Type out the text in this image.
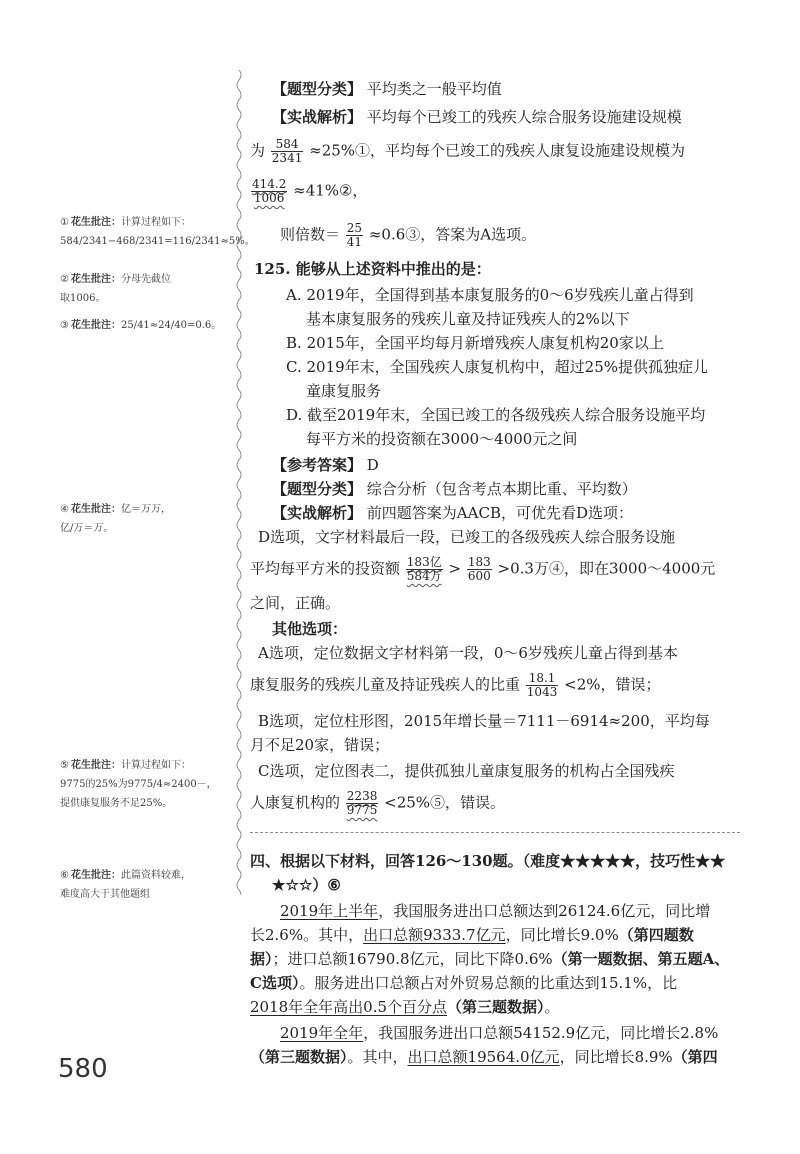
① 花生批注：计算过程如下：
584/2341−468/2341=116/2341≈5%。
② 花生批注：分母先截位
取1006。
③ 花生批注：25/41≈24/40=0.6。
④ 花生批注：亿＝万万，
亿/万＝万。
⑤ 花生批注：计算过程如下：
9775的25%为9775/4≈2400－，
提供康复服务不足25%。
⑥ 花生批注：此篇资料较难，
难度高大于其他题组
【题型分类】 平均类之一般平均值
【实战解析】 平均每个已竣工的残疾人综合服务设施建设规模
为 $\frac{584}{2341}$ ≈25%①，平均每个已竣工的残疾人康复设施建设规模为
$\frac{414.2}{1006}$ ≈41%②，
则倍数＝ $\frac{25}{41}$ ≈0.6③，答案为A选项。
125. 能够从上述资料中推出的是：
A. 2019年，全国得到基本康复服务的0～6岁残疾儿童占得到
基本康复服务的残疾儿童及持证残疾人的2%以下
B. 2015年，全国平均每月新增残疾人康复机构20家以上
C. 2019年末，全国残疾人康复机构中，超过25%提供孤独症儿
童康复服务
D. 截至2019年末，全国已竣工的各级残疾人综合服务设施平均
每平方米的投资额在3000～4000元之间
【参考答案】 D
【题型分类】 综合分析（包含考点本期比重、平均数）
【实战解析】 前四题答案为AACB，可优先看D选项：
D选项，文字材料最后一段，已竣工的各级残疾人综合服务设施
平均每平方米的投资额 $\frac{\text{183亿}}{\text{584万}} > \frac{183}{600} >0.3$万④，即在3000～4000元
之间，正确。
其他选项：
A选项，定位数据文字材料第一段，0～6岁残疾儿童占得到基本
康复服务的残疾儿童及持证残疾人的比重 $\frac{18.1}{1043} <2\%$，错误；
B选项，定位柱形图，2015年增长量＝7111－6914≈200，平均每
月不足20家，错误；
C选项，定位图表二，提供孤独儿童康复服务的机构占全国残疾
人康复机构的 $\frac{2238}{9775}$ <25%⑤，错误。
四、根据以下材料，回答126～130题。（难度★★★★★，技巧性★★
★☆☆）⑥
2019年上半年，我国服务进出口总额达到26124.6亿元，同比增
长2.6%。其中，出口总额9333.7亿元，同比增长9.0%（第四题数
据）；进口总额16790.8亿元，同比下降0.6%（第一题数据、第五题A、
C选项）。服务进出口总额占对外贸易总额的比重达到15.1%，比
2018年全年高出0.5个百分点（第三题数据）。
2019年全年，我国服务进出口总额54152.9亿元，同比增长2.8%
（第三题数据）。其中，出口总额19564.0亿元，同比增长8.9%（第四
580
